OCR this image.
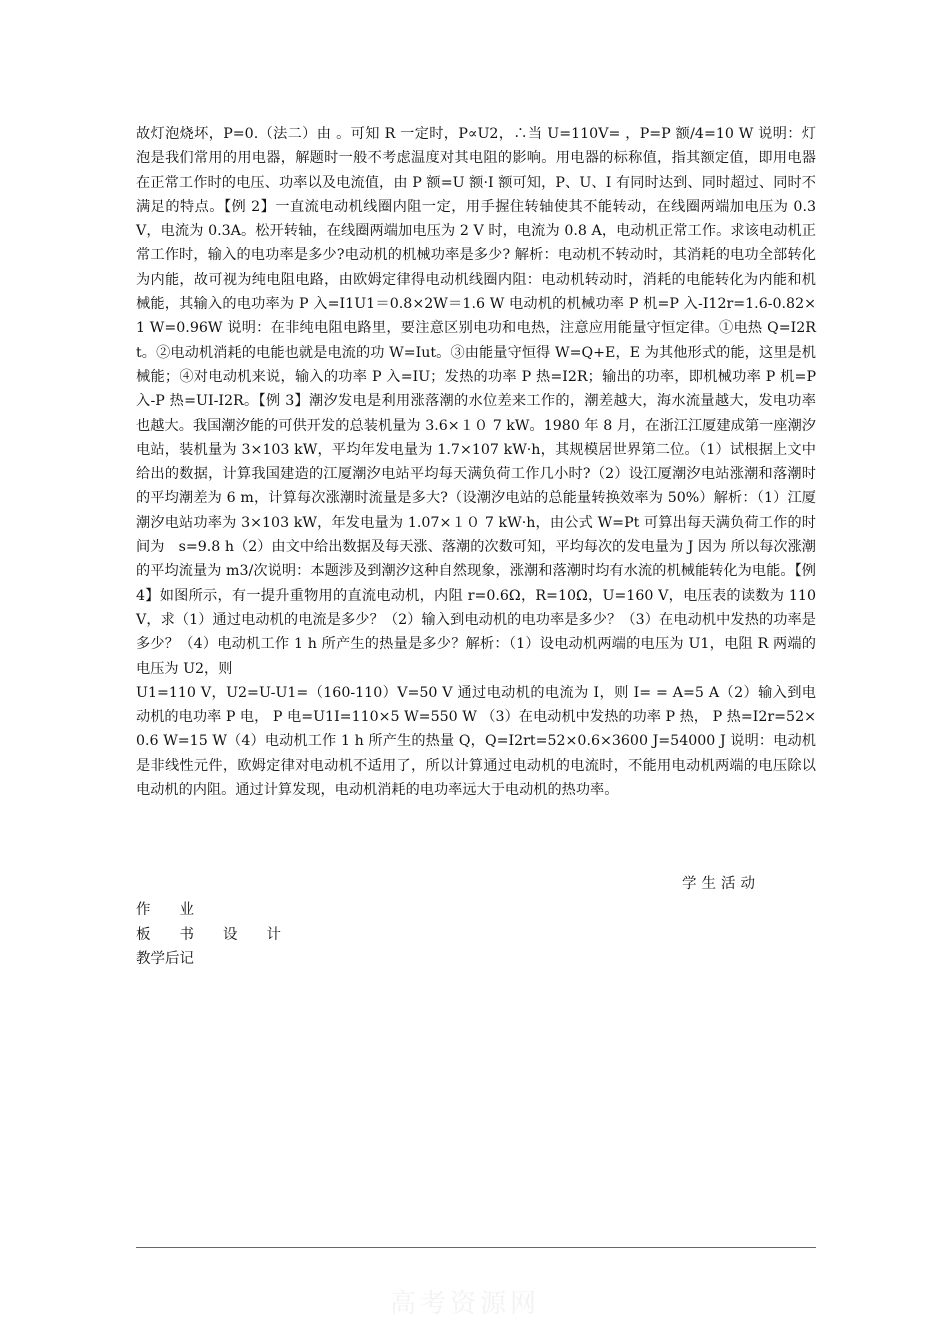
故灯泡烧坏，P=0.（法二）由 。可知 R 一定时，P∝U2，∴当 U=110V= ，P=P 额/4=10 W 说明：灯泡是我们常用的用电器，解题时一般不考虑温度对其电阻的影响。用电器的标称值，指其额定值，即用电器在正常工作时的电压、功率以及电流值，由 P 额=U 额·I 额可知，P、U、I 有同时达到、同时超过、同时不满足的特点。【例 2】一直流电动机线圈内阻一定，用手握住转轴使其不能转动，在线圈两端加电压为 0.3V，电流为 0.3A。松开转轴，在线圈两端加电压为 2 V 时，电流为 0.8 A，电动机正常工作。求该电动机正常工作时，输入的电功率是多少?电动机的机械功率是多少? 解析：电动机不转动时，其消耗的电功全部转化为内能，故可视为纯电阻电路，由欧姆定律得电动机线圈内阻：电动机转动时，消耗的电能转化为内能和机械能，其输入的电功率为 P 入=I1U1＝0.8×2W＝1.6 W 电动机的机械功率 P 机=P 入-I12r=1.6-0.82×1 W=0.96W 说明：在非纯电阻电路里，要注意区别电功和电热，注意应用能量守恒定律。①电热 Q=I2Rt。②电动机消耗的电能也就是电流的功 W=Iut。③由能量守恒得 W=Q+E，E 为其他形式的能，这里是机械能；④对电动机来说，输入的功率 P 入=IU；发热的功率 P 热=I2R；输出的功率，即机械功率 P 机=P 入-P 热=UI-I2R。【例 3】潮汐发电是利用涨落潮的水位差来工作的，潮差越大，海水流量越大，发电功率也越大。我国潮汐能的可供开发的总装机量为 3.6×１０ 7 kW。1980 年 8 月，在浙江江厦建成第一座潮汐电站，装机量为 3×103 kW，平均年发电量为 1.7×107 kW·h，其规模居世界第二位。（1）试根据上文中给出的数据，计算我国建造的江厦潮汐电站平均每天满负荷工作几小时?（2）设江厦潮汐电站涨潮和落潮时的平均潮差为 6 m，计算每次涨潮时流量是多大?（设潮汐电站的总能量转换效率为 50%）解析：（1）江厦潮汐电站功率为 3×103 kW，年发电量为 1.07×１０ 7 kW·h，由公式 W=Pt 可算出每天满负荷工作的时间为　s=9.8 h（2）由文中给出数据及每天涨、落潮的次数可知，平均每次的发电量为 J 因为 所以每次涨潮的平均流量为 m3/次说明：本题涉及到潮汐这种自然现象，涨潮和落潮时均有水流的机械能转化为电能。【例 4】如图所示，有一提升重物用的直流电动机，内阻 r=0.6Ω，R=10Ω，U=160 V，电压表的读数为 110 V，求（1）通过电动机的电流是多少？（2）输入到电动机的电功率是多少？（3）在电动机中发热的功率是多少？（4）电动机工作 1 h 所产生的热量是多少？解析：（1）设电动机两端的电压为 U1，电阻 R 两端的电压为 U2，则

U1=110 V，U2=U-U1=（160-110）V=50 V 通过电动机的电流为 I，则 I= = A=5 A（2）输入到电动机的电功率 P 电， P 电=U1I=110×5 W=550 W （3）在电动机中发热的功率 P 热， P 热=I2r=52×0.6 W=15 W（4）电动机工作 1 h 所产生的热量 Q，Q=I2rt=52×0.6×3600 J=54000 J 说明：电动机是非线性元件，欧姆定律对电动机不适用了，所以计算通过电动机的电流时，不能用电动机两端的电压除以电动机的内阻。通过计算发现，电动机消耗的电功率远大于电动机的热功率。

学生活动
作　　业
板　　书　　设　　计
教学后记
高考资源网
